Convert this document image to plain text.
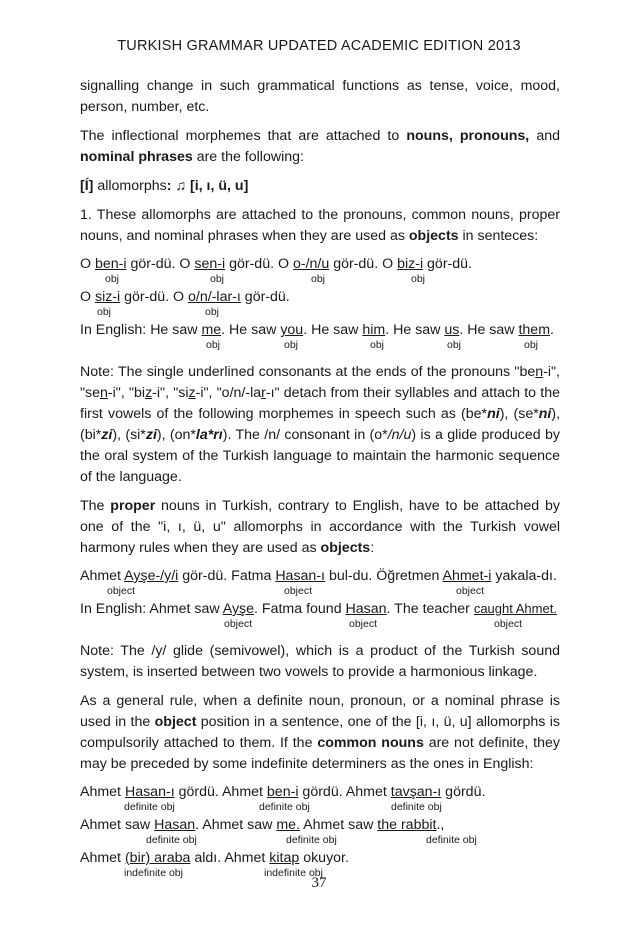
TURKISH GRAMMAR UPDATED ACADEMIC EDITION 2013

signalling change in such grammatical functions as tense, voice, mood, person, number, etc.

The inflectional morphemes that are attached to nouns, pronouns, and nominal phrases are the following:

[Í] allomorphs: ♫ [i, ı, ü, u]

1. These allomorphs are attached to the pronouns, common nouns, proper nouns, and nominal phrases when they are used as objects in senteces:

O ben-i gör-dü. O sen-i gör-dü. O o-/n/u gör-dü. O biz-i gör-dü.
obj	obj	obj	obj
O siz-i gör-dü. O o/n/-lar-ı gör-dü.
obj	obj
In English: He saw me. He saw you. He saw him. He saw us. He saw them.
obj	obj	obj	obj	obj

Note: The single underlined consonants at the ends of the pronouns "ben-i", "sen-i", "biz-i", "siz-i", "o/n/-lar-ı" detach from their syllables and attach to the first vowels of the following morphemes in speech such as (be*ni), (se*ni), (bi*zi), (si*zi), (on*la*rı). The /n/ consonant in (o*/n/u) is a glide produced by the oral system of the Turkish language to maintain the harmonic sequence of the language.

The proper nouns in Turkish, contrary to English, have to be attached by one of the "i, ı, ü, u" allomorphs in accordance with the Turkish vowel harmony rules when they are used as objects:

Ahmet Ayşe-/y/i gör-dü. Fatma Hasan-ı bul-du. Öğretmen Ahmet-i yakala-dı.
object	object	object
In English: Ahmet saw Ayşe. Fatma found Hasan. The teacher caught Ahmet.
object	object	object

Note: The /y/ glide (semivowel), which is a product of the Turkish sound system, is inserted between two vowels to provide a harmonious linkage.

As a general rule, when a definite noun, pronoun, or a nominal phrase is used in the object position in a sentence, one of the [i, ı, ü, u] allomorphs is compulsorily attached to them. If the common nouns are not definite, they may be preceded by some indefinite determiners as the ones in English:

Ahmet Hasan-ı gördü. Ahmet ben-i gördü. Ahmet tavşan-ı gördü.
definite obj	definite obj	definite obj
Ahmet saw Hasan. Ahmet saw me. Ahmet saw the rabbit.,
definite obj	definite obj	definite obj
Ahmet (bir) araba aldı. Ahmet kitap okuyor.
indefinite obj	indefinite obj
37
